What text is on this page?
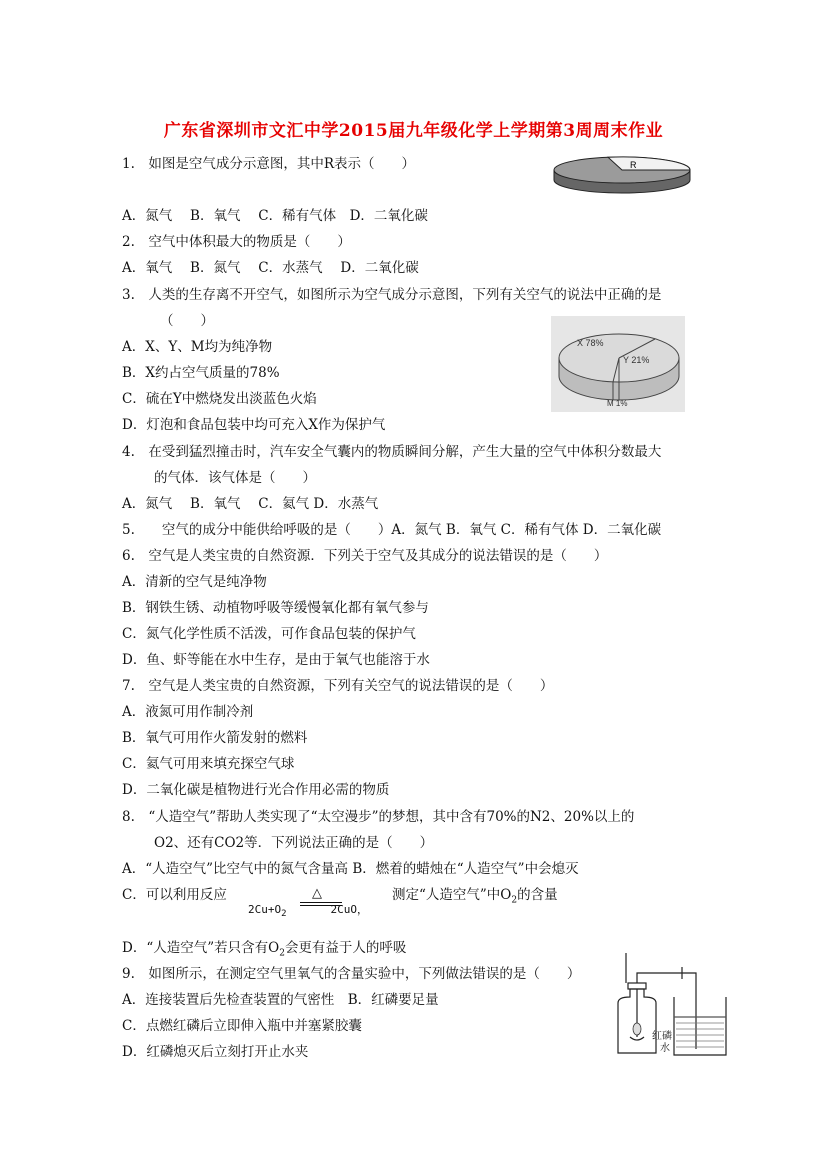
广东省深圳市文汇中学2015届九年级化学上学期第3周周末作业
1.　如图是空气成分示意图，其中R表示（　　）	R
A．氮气　 B．氧气　 C．稀有气体　D．二氧化碳
2.　空气中体积最大的物质是（　　）
A．氧气　 B．氮气　 C．水蒸气　 D．二氧化碳
3.　人类的生存离不开空气，如图所示为空气成分示意图，下列有关空气的说法中正确的是
（　　）
X 78%
Y 21%
M 1%
A．X、Y、M均为纯净物
B．X约占空气质量的78%
C．硫在Y中燃烧发出淡蓝色火焰
D．灯泡和食品包装中均可充入X作为保护气
4.　在受到猛烈撞击时，汽车安全气囊内的物质瞬间分解，产生大量的空气中体积分数最大
的气体．该气体是（　　）
A．氮气　 B．氧气　 C．氦气 D．水蒸气
5.　　空气的成分中能供给呼吸的是（　　）A．氮气 B．氧气 C．稀有气体 D．二氧化碳
6.　空气是人类宝贵的自然资源．下列关于空气及其成分的说法错误的是（　　）
A．清新的空气是纯净物
B．钢铁生锈、动植物呼吸等缓慢氧化都有氧气参与
C．氮气化学性质不活泼，可作食品包装的保护气
D．鱼、虾等能在水中生存，是由于氧气也能溶于水
7.　空气是人类宝贵的自然资源，下列有关空气的说法错误的是（　　）
A．液氮可用作制冷剂
B．氧气可用作火箭发射的燃料
C．氦气可用来填充探空气球
D．二氧化碳是植物进行光合作用必需的物质
8.　“人造空气”帮助人类实现了“太空漫步”的梦想，其中含有70%的N2、20%以上的
O2、还有CO2等．下列说法正确的是（　　）
A．“人造空气”比空气中的氮气含量高 B．燃着的蜡烛在“人造空气”中会熄灭
C．可以利用反应	△
$2Cu+O_2$	2CuO，
测定“人造空气”中$O_2$的含量
D．“人造空气”若只含有$O_2$会更有益于人的呼吸
9.　如图所示，在测定空气里氧气的含量实验中，下列做法错误的是（　　）
A．连接装置后先检查装置的气密性　B．红磷要足量
C．点燃红磷后立即伸入瓶中并塞紧胶囊
D．红磷熄灭后立刻打开止水夹
红磷
水
